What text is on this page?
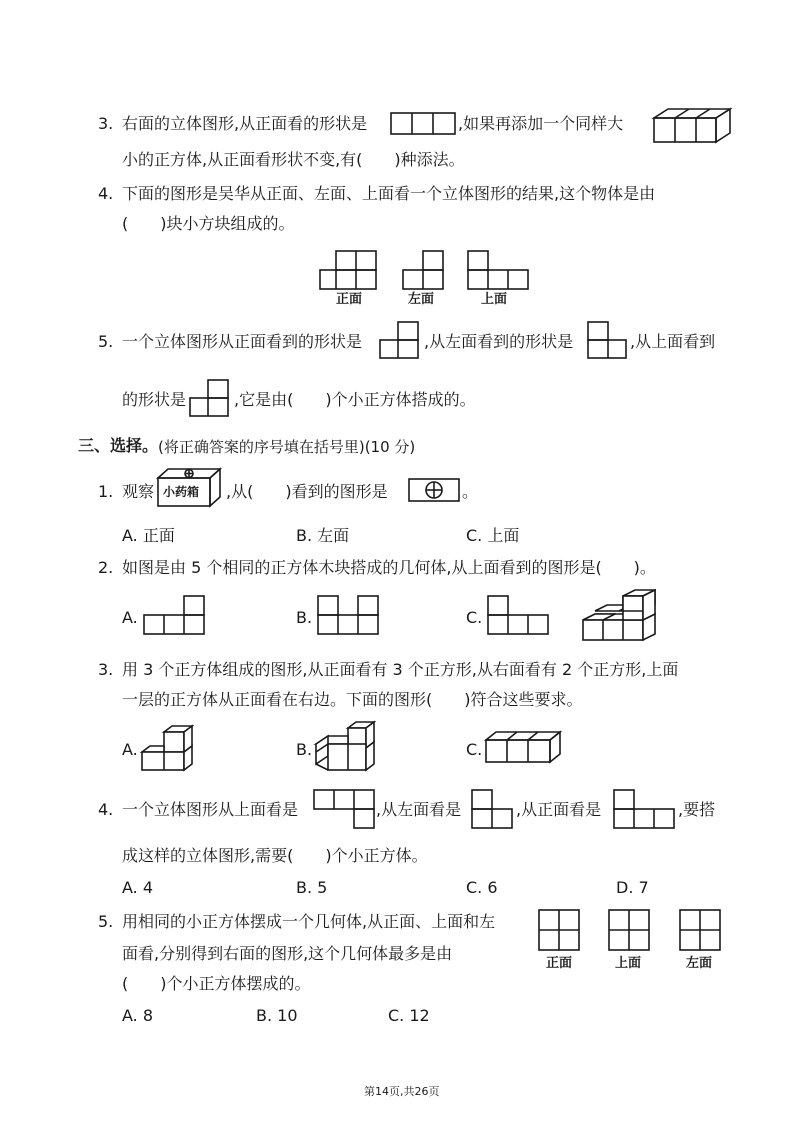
3. 右面的立体图形,从正面看的形状是	,如果再添加一个同样大
小的正方体,从正面看形状不变,有(　　)种添法。
4. 下面的图形是吴华从正面、左面、上面看一个立体图形的结果,这个物体是由
(　　)块小方块组成的。
正面	左面	上面
5. 一个立体图形从正面看到的形状是	,从左面看到的形状是	,从上面看到
的形状是	,它是由(　　)个小正方体搭成的。
三、选择。 (将正确答案的序号填在括号里)(10 分)
1. 观察 小药箱 ,从(　　)看到的图形是	。
A. 正面	B. 左面	C. 上面
2. 如图是由 5 个相同的正方体木块搭成的几何体,从上面看到的图形是(　　)。
A.	B.	C.
3. 用 3 个正方体组成的图形,从正面看有 3 个正方形,从右面看有 2 个正方形,上面
一层的正方体从正面看在右边。下面的图形(　　)符合这些要求。
A.	B.	C.
4. 一个立体图形从上面看是	,从左面看是	,从正面看是	,要搭
成这样的立体图形,需要(　　)个小正方体。
A. 4	B. 5	C. 6	D. 7
5. 用相同的小正方体摆成一个几何体,从正面、上面和左
面看,分别得到右面的图形,这个几何体最多是由
(　　)个小正方体摆成的。
正面	上面	左面
A. 8	B. 10	C. 12
第14页,共26页
